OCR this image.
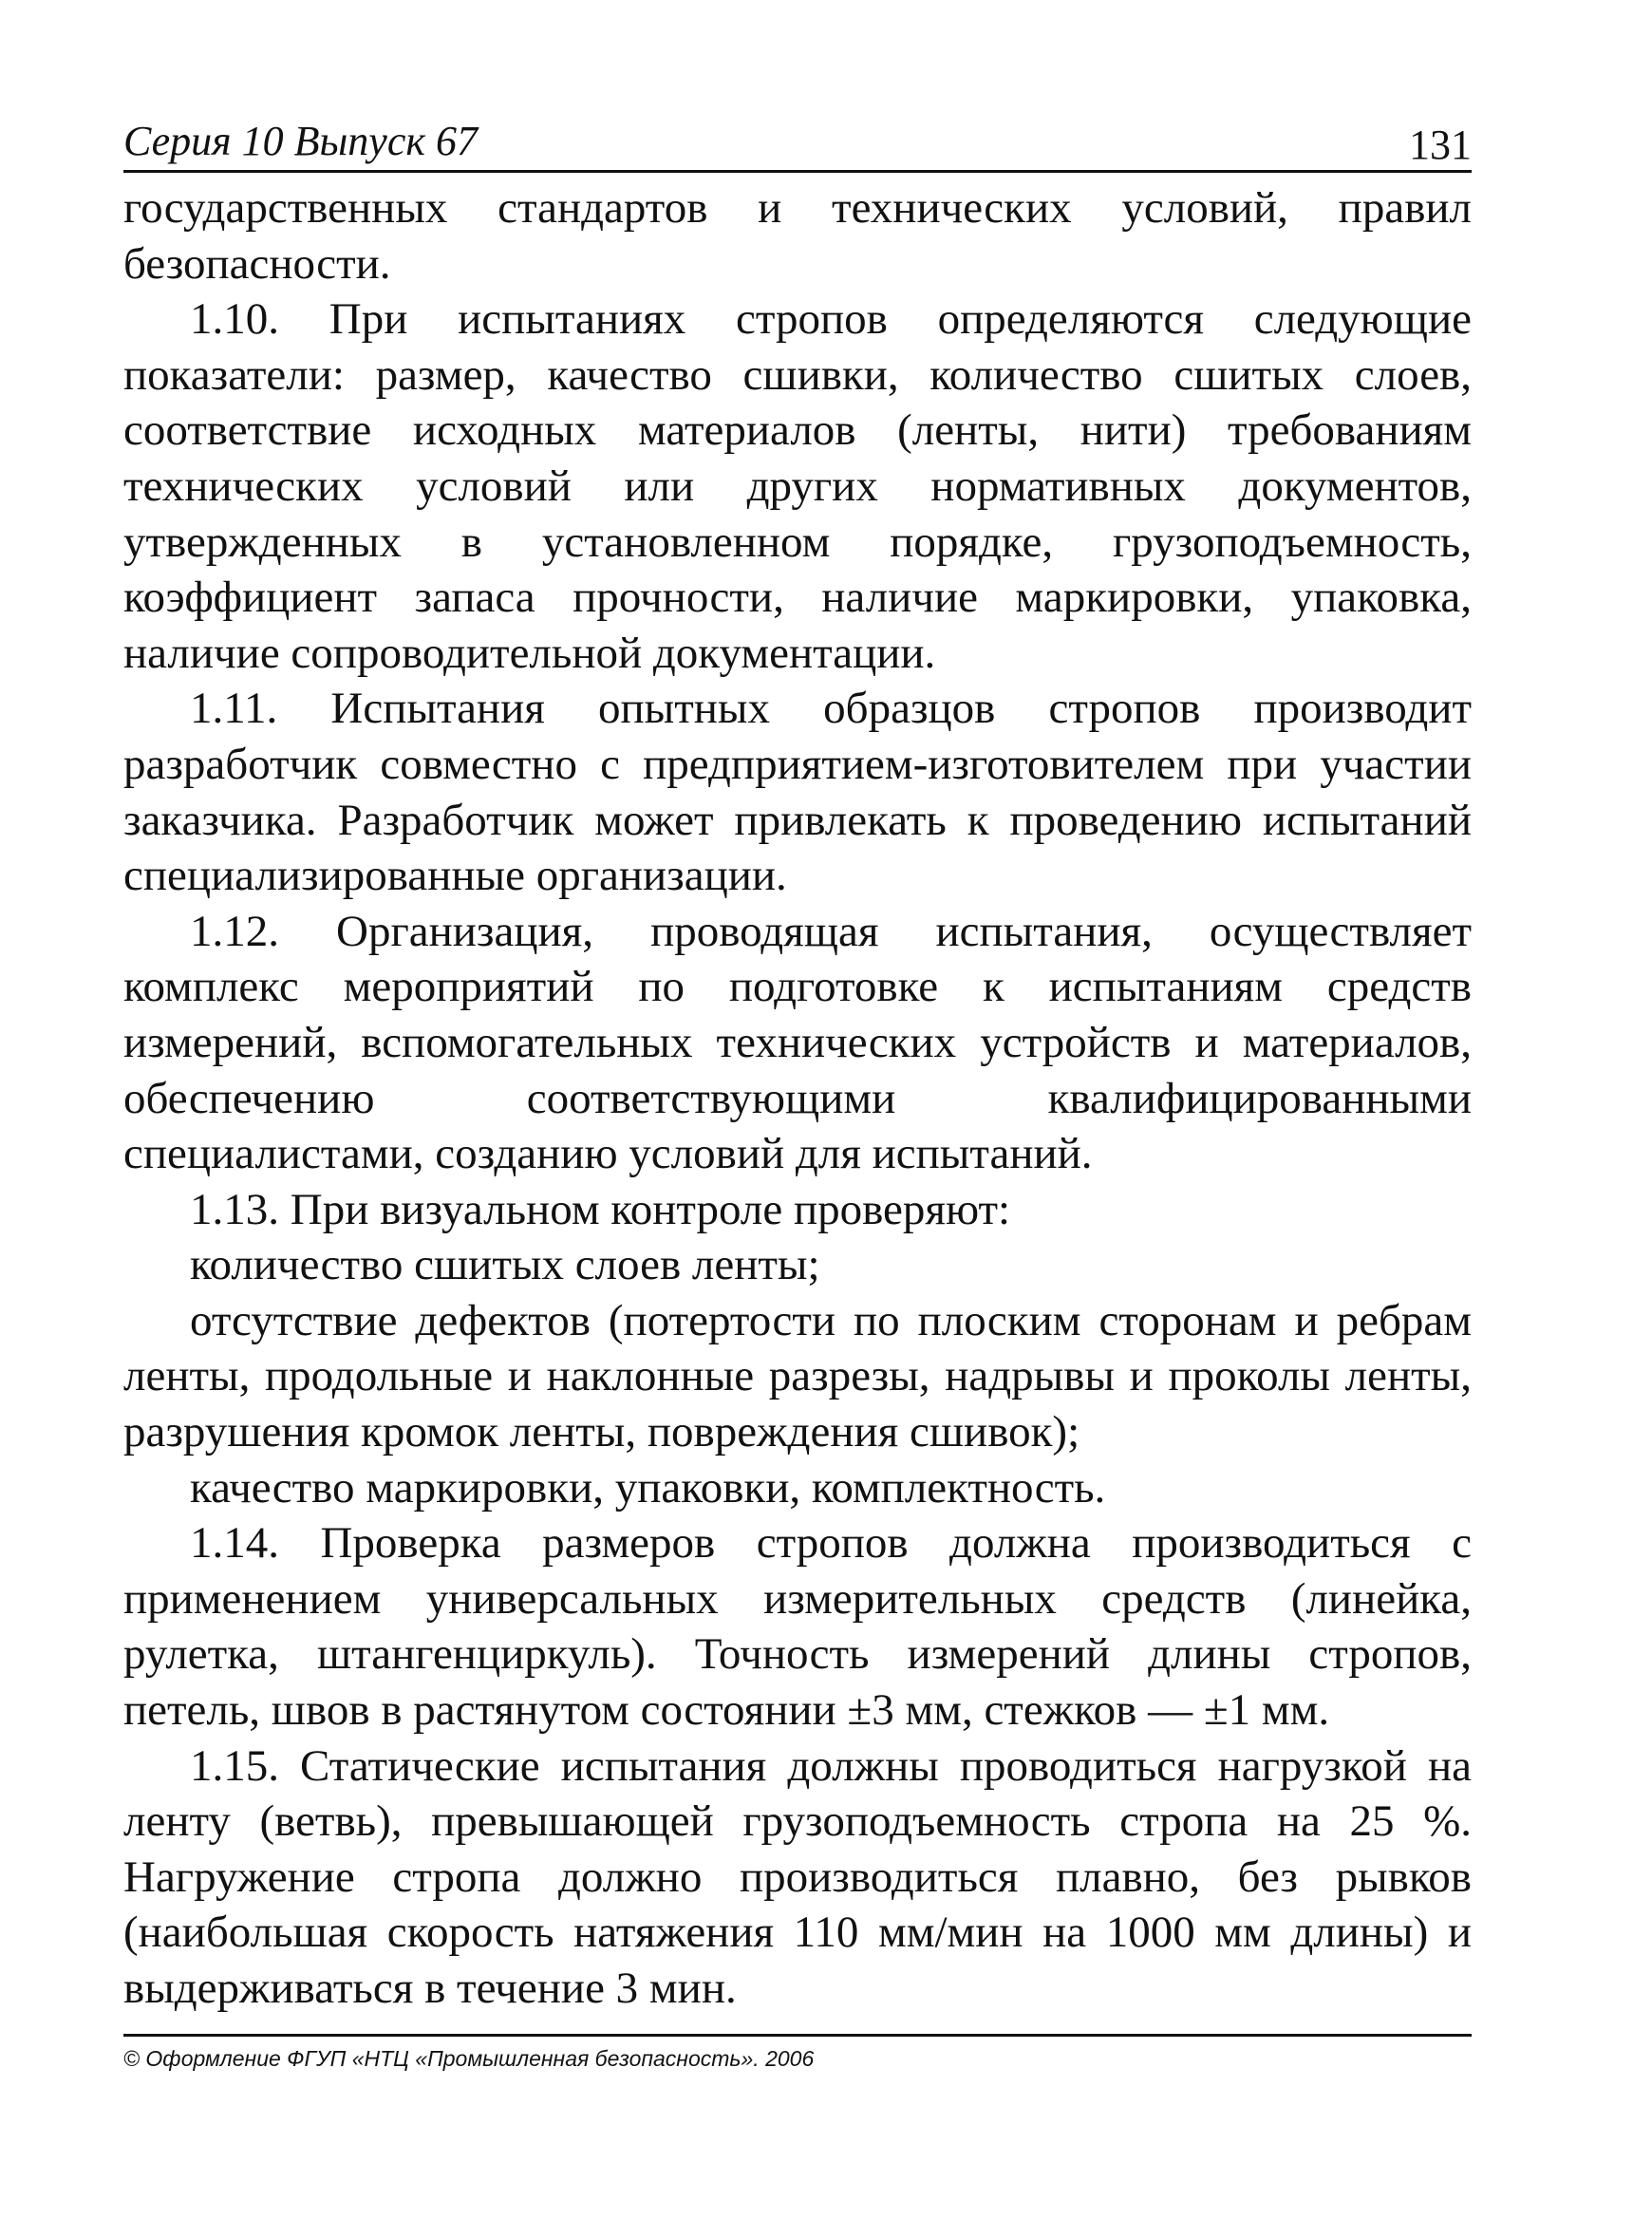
Серия 10 Выпуск 67	131

государственных стандартов и технических условий, правил безопасности.

1.10. При испытаниях стропов определяются следующие показатели: размер, качество сшивки, количество сшитых слоев, соответствие исходных материалов (ленты, нити) требованиям технических условий или других нормативных документов, утвержденных в установленном порядке, грузоподъемность, коэффициент запаса прочности, наличие маркировки, упаковка, наличие сопроводительной документации.

1.11. Испытания опытных образцов стропов производит разработчик совместно с предприятием-изготовителем при участии заказчика. Разработчик может привлекать к проведению испытаний специализированные организации.

1.12. Организация, проводящая испытания, осуществляет комплекс мероприятий по подготовке к испытаниям средств измерений, вспомогательных технических устройств и материалов, обеспечению соответствующими квалифицированными специалистами, созданию условий для испытаний.

1.13. При визуальном контроле проверяют:

количество сшитых слоев ленты;

отсутствие дефектов (потертости по плоским сторонам и ребрам ленты, продольные и наклонные разрезы, надрывы и проколы ленты, разрушения кромок ленты, повреждения сшивок);

качество маркировки, упаковки, комплектность.

1.14. Проверка размеров стропов должна производиться с применением универсальных измерительных средств (линейка, рулетка, штангенциркуль). Точность измерений длины стропов, петель, швов в растянутом состоянии ±3 мм, стежков — ±1 мм.

1.15. Статические испытания должны проводиться нагрузкой на ленту (ветвь), превышающей грузоподъемность стропа на 25 %. Нагружение стропа должно производиться плавно, без рывков (наибольшая скорость натяжения 110 мм/мин на 1000 мм длины) и выдерживаться в течение 3 мин.

© Оформление ФГУП «НТЦ «Промышленная безопасность». 2006
